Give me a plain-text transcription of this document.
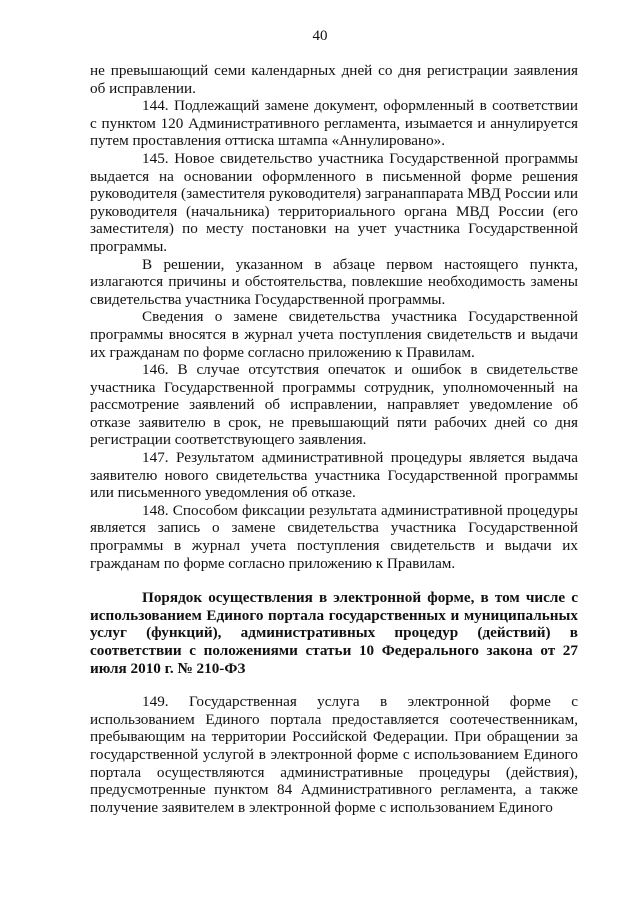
40

не превышающий семи календарных дней со дня регистрации заявления об исправлении.

144. Подлежащий замене документ, оформленный в соответствии с пунктом 120 Административного регламента, изымается и аннулируется путем проставления оттиска штампа «Аннулировано».

145. Новое свидетельство участника Государственной программы выдается на основании оформленного в письменной форме решения руководителя (заместителя руководителя) загранаппарата МВД России или руководителя (начальника) территориального органа МВД России (его заместителя) по месту постановки на учет участника Государственной программы.

В решении, указанном в абзаце первом настоящего пункта, излагаются причины и обстоятельства, повлекшие необходимость замены свидетельства участника Государственной программы.

Сведения о замене свидетельства участника Государственной программы вносятся в журнал учета поступления свидетельств и выдачи их гражданам по форме согласно приложению к Правилам.

146. В случае отсутствия опечаток и ошибок в свидетельстве участника Государственной программы сотрудник, уполномоченный на рассмотрение заявлений об исправлении, направляет уведомление об отказе заявителю в срок, не превышающий пяти рабочих дней со дня регистрации соответствующего заявления.

147. Результатом административной процедуры является выдача заявителю нового свидетельства участника Государственной программы или письменного уведомления об отказе.

148. Способом фиксации результата административной процедуры является запись о замене свидетельства участника Государственной программы в журнал учета поступления свидетельств и выдачи их гражданам по форме согласно приложению к Правилам.

Порядок осуществления в электронной форме, в том числе с использованием Единого портала государственных и муниципальных услуг (функций), административных процедур (действий) в соответствии с положениями статьи 10 Федерального закона от 27 июля 2010 г. № 210-ФЗ

149. Государственная услуга в электронной форме с использованием Единого портала предоставляется соотечественникам, пребывающим на территории Российской Федерации. При обращении за государственной услугой в электронной форме с использованием Единого портала осуществляются административные процедуры (действия), предусмотренные пунктом 84 Административного регламента, а также получение заявителем в электронной форме с использованием Единого
